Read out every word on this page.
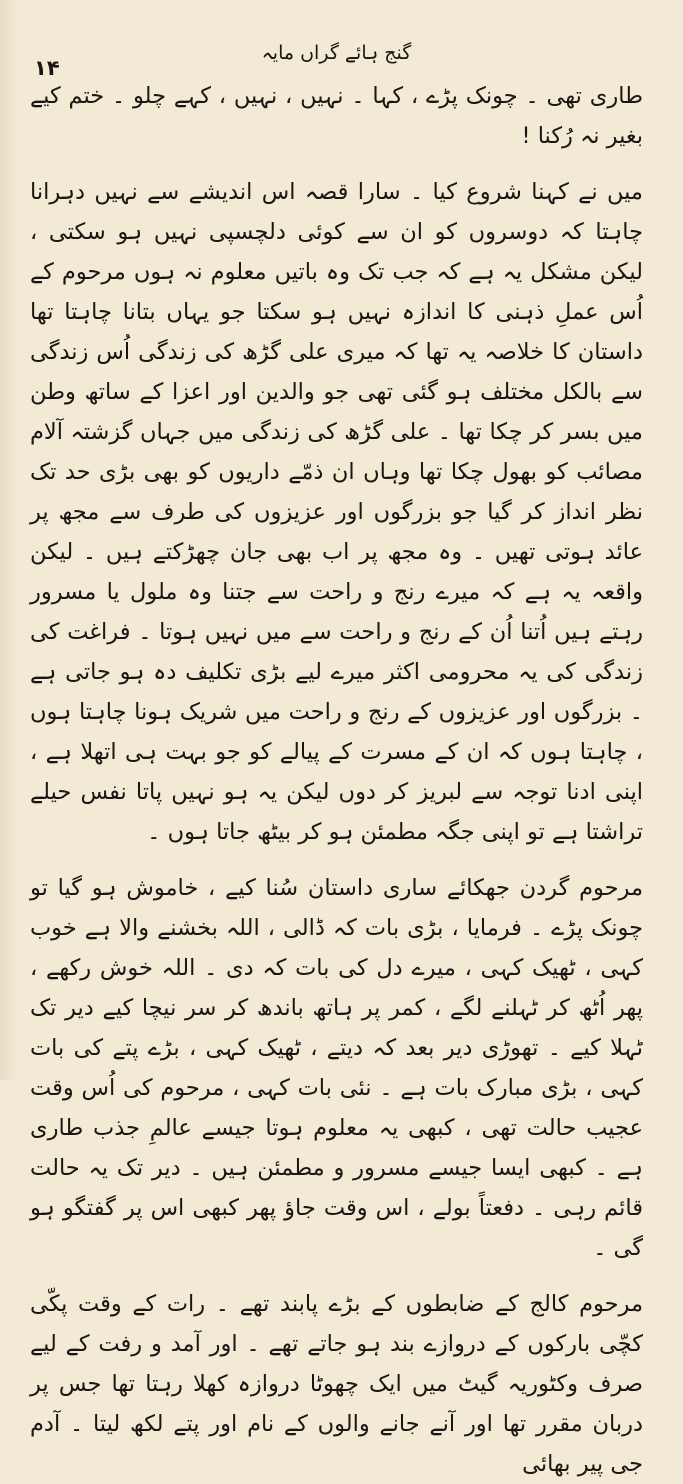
گنج ہائے گراں مایہ
۱۴

طاری تھی ۔ چونک پڑے ، کہا ۔ نہیں ، نہیں ، کہے چلو ۔ ختم کیے بغیر نہ رُکنا !

میں نے کہنا شروع کیا ۔ سارا قصہ اس اندیشے سے نہیں دہرانا چاہتا کہ دوسروں کو ان سے کوئی دلچسپی نہیں ہو سکتی ، لیکن مشکل یہ ہے کہ جب تک وہ باتیں معلوم نہ ہوں مرحوم کے اُس عملِ ذہنی کا اندازہ نہیں ہو سکتا جو یہاں بتانا چاہتا تھا داستان کا خلاصہ یہ تھا کہ میری علی گڑھ کی زندگی اُس زندگی سے بالکل مختلف ہو گئی تھی جو والدین اور اعزا کے ساتھ وطن میں بسر کر چکا تھا ۔ علی گڑھ کی زندگی میں جہاں گزشتہ آلام مصائب کو بھول چکا تھا وہاں ان ذمّے داریوں کو بھی بڑی حد تک نظر انداز کر گیا جو بزرگوں اور عزیزوں کی طرف سے مجھ پر عائد ہوتی تھیں ۔ وہ مجھ پر اب بھی جان چھڑکتے ہیں ۔ لیکن واقعہ یہ ہے کہ میرے رنج و راحت سے جتنا وہ ملول یا مسرور رہتے ہیں اُتنا اُن کے رنج و راحت سے میں نہیں ہوتا ۔ فراغت کی زندگی کی یہ محرومی اکثر میرے لیے بڑی تکلیف دہ ہو جاتی ہے ۔ بزرگوں اور عزیزوں کے رنج و راحت میں شریک ہونا چاہتا ہوں ، چاہتا ہوں کہ ان کے مسرت کے پیالے کو جو بہت ہی اتھلا ہے ، اپنی ادنا توجہ سے لبریز کر دوں لیکن یہ ہو نہیں پاتا نفس حیلے تراشتا ہے تو اپنی جگہ مطمئن ہو کر بیٹھ جاتا ہوں ۔

مرحوم گردن جھکائے ساری داستان سُنا کیے ، خاموش ہو گیا تو چونک پڑے ۔ فرمایا ، بڑی بات کہ ڈالی ، اللہ بخشنے والا ہے خوب کہی ، ٹھیک کہی ، میرے دل کی بات کہ دی ۔ اللہ خوش رکھے ، پھر اُٹھ کر ٹہلنے لگے ، کمر پر ہاتھ باندھ کر سر نیچا کیے دیر تک ٹہلا کیے ۔ تھوڑی دیر بعد کہ دیتے ، ٹھیک کہی ، بڑے پتے کی بات کہی ، بڑی مبارک بات ہے ۔ نئی بات کہی ، مرحوم کی اُس وقت عجیب حالت تھی ، کبھی یہ معلوم ہوتا جیسے عالمِ جذب طاری ہے ۔ کبھی ایسا جیسے مسرور و مطمئن ہیں ۔ دیر تک یہ حالت قائم رہی ۔ دفعتاً بولے ، اس وقت جاؤ پھر کبھی اس پر گفتگو ہو گی ۔

مرحوم کالج کے ضابطوں کے بڑے پابند تھے ۔ رات کے وقت پکّی کچّی بارکوں کے دروازے بند ہو جاتے تھے ۔ اور آمد و رفت کے لیے صرف وکٹوریہ گیٹ میں ایک چھوٹا دروازہ کھلا رہتا تھا جس پر دربان مقرر تھا اور آنے جانے والوں کے نام اور پتے لکھ لیتا ۔ آدم جی پیر بھائی
